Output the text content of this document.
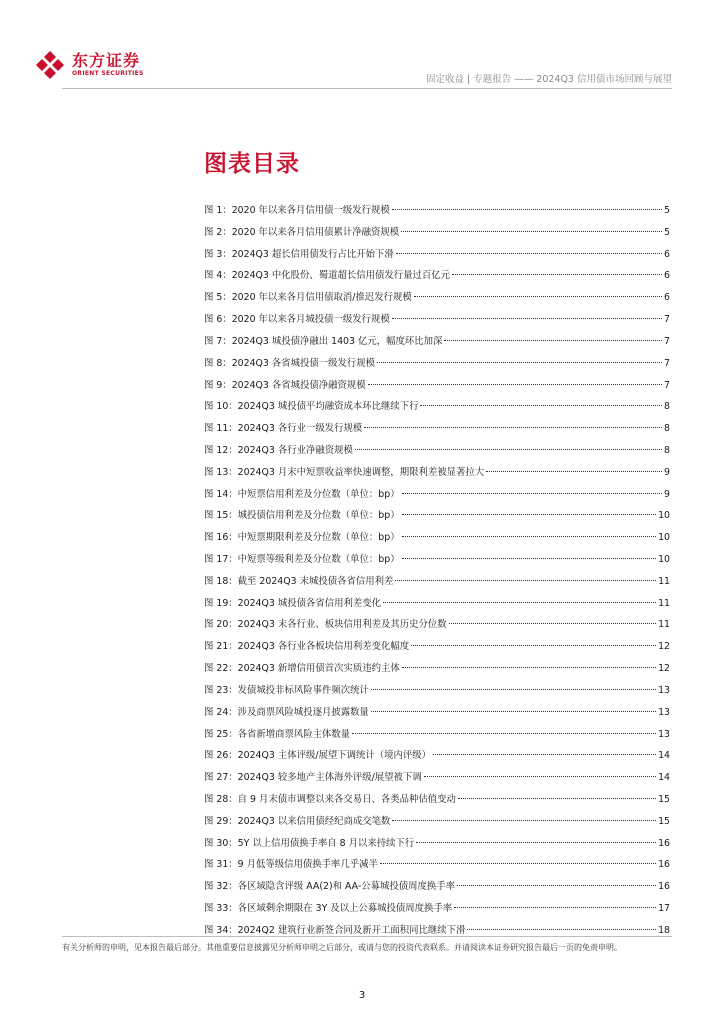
东方证券
ORIENT SECURITIES
固定收益 | 专题报告 —— 2024Q3 信用债市场回顾与展望
图表目录
图 1：2020 年以来各月信用债一级发行规模	5
图 2：2020 年以来各月信用债累计净融资规模	5
图 3：2024Q3 超长信用债发行占比开始下滑	6
图 4：2024Q3 中化股份、蜀道超长信用债发行量过百亿元	6
图 5：2020 年以来各月信用债取消/推迟发行规模	6
图 6：2020 年以来各月城投债一级发行规模	7
图 7：2024Q3 城投债净融出 1403 亿元，幅度环比加深	7
图 8：2024Q3 各省城投债一级发行规模	7
图 9：2024Q3 各省城投债净融资规模	7
图 10：2024Q3 城投债平均融资成本环比继续下行	8
图 11：2024Q3 各行业一级发行规模	8
图 12：2024Q3 各行业净融资规模	8
图 13：2024Q3 月末中短票收益率快速调整，期限利差被显著拉大	9
图 14：中短票信用利差及分位数（单位：bp）	9
图 15：城投债信用利差及分位数（单位：bp）	10
图 16：中短票期限利差及分位数（单位：bp）	10
图 17：中短票等级利差及分位数（单位：bp）	10
图 18：截至 2024Q3 末城投债各省信用利差	11
图 19：2024Q3 城投债各省信用利差变化	11
图 20：2024Q3 末各行业、板块信用利差及其历史分位数	11
图 21：2024Q3 各行业各板块信用利差变化幅度	12
图 22：2024Q3 新增信用债首次实质违约主体	12
图 23：发债城投非标风险事件频次统计	13
图 24：涉及商票风险城投逐月披露数量	13
图 25：各省新增商票风险主体数量	13
图 26：2024Q3 主体评级/展望下调统计（境内评级）	14
图 27：2024Q3 较多地产主体海外评级/展望被下调	14
图 28：自 9 月末债市调整以来各交易日、各类品种估值变动	15
图 29：2024Q3 以来信用债经纪商成交笔数	15
图 30：5Y 以上信用债换手率自 8 月以来持续下行	16
图 31：9 月低等级信用债换手率几乎减半	16
图 32：各区域隐含评级 AA(2)和 AA-公募城投债周度换手率	16
图 33：各区域剩余期限在 3Y 及以上公募城投债周度换手率	17
图 34：2024Q2 建筑行业新签合同及新开工面积同比继续下滑	18
有关分析师的申明，见本报告最后部分。其他重要信息披露见分析师申明之后部分，或请与您的投资代表联系。并请阅读本证券研究报告最后一页的免责申明。
3
